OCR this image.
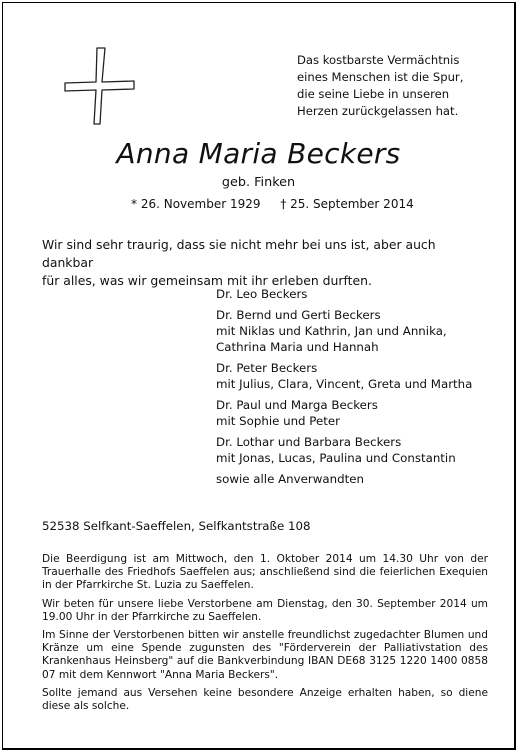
Das kostbarste Vermächtnis
eines Menschen ist die Spur,
die seine Liebe in unseren
Herzen zurückgelassen hat.
Anna Maria Beckers
geb. Finken
* 26. November 1929 † 25. September 2014
Wir sind sehr traurig, dass sie nicht mehr bei uns ist, aber auch dankbar
für alles, was wir gemeinsam mit ihr erleben durften.
Dr. Leo Beckers
Dr. Bernd und Gerti Beckers
mit Niklas und Kathrin, Jan und Annika,
Cathrina Maria und Hannah
Dr. Peter Beckers
mit Julius, Clara, Vincent, Greta und Martha
Dr. Paul und Marga Beckers
mit Sophie und Peter
Dr. Lothar und Barbara Beckers
mit Jonas, Lucas, Paulina und Constantin
sowie alle Anverwandten
52538 Selfkant-Saeffelen, Selfkantstraße 108

Die Beerdigung ist am Mittwoch, den 1. Oktober 2014 um 14.30 Uhr von der Trauerhalle des Friedhofs Saeffelen aus; anschließend sind die feierlichen Exequien in der Pfarrkirche St. Luzia zu Saeffelen.

Wir beten für unsere liebe Verstorbene am Dienstag, den 30. September 2014 um 19.00 Uhr in der Pfarrkirche zu Saeffelen.

Im Sinne der Verstorbenen bitten wir anstelle freundlichst zugedachter Blumen und Kränze um eine Spende zugunsten des "Förderverein der Palliativstation des Krankenhaus Heinsberg" auf die Bankverbindung IBAN DE68 3125 1220 1400 0858 07 mit dem Kennwort "Anna Maria Beckers".

Sollte jemand aus Versehen keine besondere Anzeige erhalten haben, so diene diese als solche.
